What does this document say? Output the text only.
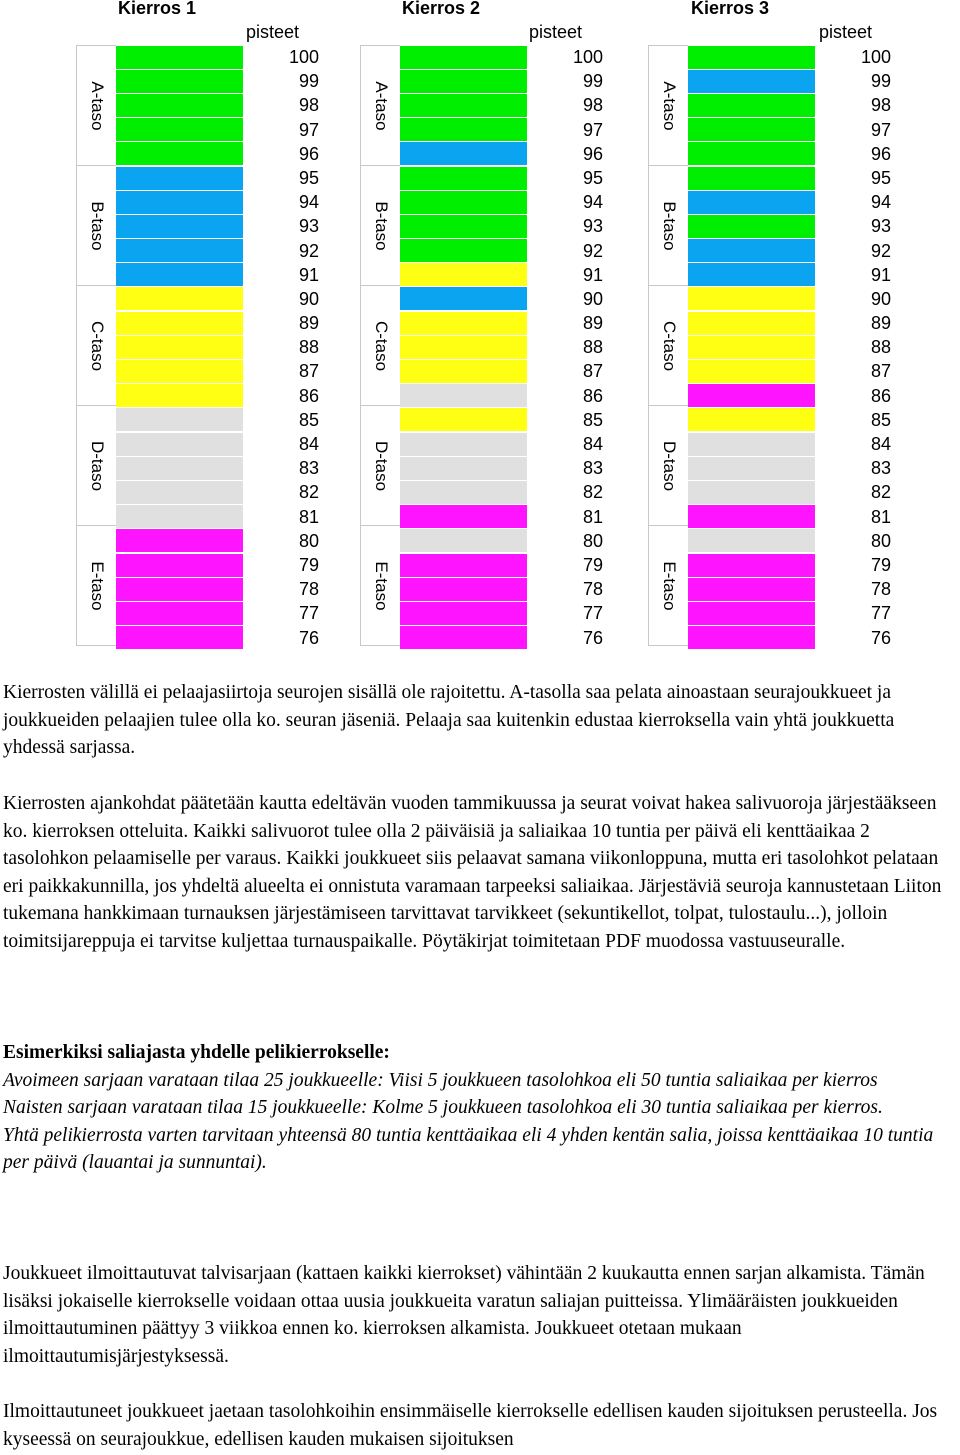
Kierros 1
pisteet
A-taso
B-taso
C-taso
D-taso
E-taso
100
99
98
97
96
95
94
93
92
91
90
89
88
87
86
85
84
83
82
81
80
79
78
77
76
Kierros 2
pisteet
A-taso
B-taso
C-taso
D-taso
E-taso
100
99
98
97
96
95
94
93
92
91
90
89
88
87
86
85
84
83
82
81
80
79
78
77
76
Kierros 3
pisteet
A-taso
B-taso
C-taso
D-taso
E-taso
100
99
98
97
96
95
94
93
92
91
90
89
88
87
86
85
84
83
82
81
80
79
78
77
76

Kierrosten välillä ei pelaajasiirtoja seurojen sisällä ole rajoitettu. A-tasolla saa pelata ainoastaan seurajoukkueet ja joukkueiden pelaajien tulee olla ko. seuran jäseniä. Pelaaja saa kuitenkin edustaa kierroksella vain yhtä joukkuetta yhdessä sarjassa.

Kierrosten ajankohdat päätetään kautta edeltävän vuoden tammikuussa ja seurat voivat hakea salivuoroja järjestääkseen ko. kierroksen otteluita. Kaikki salivuorot tulee olla 2 päiväisiä ja saliaikaa 10 tuntia per päivä eli kenttäaikaa 2 tasolohkon pelaamiselle per varaus. Kaikki joukkueet siis pelaavat samana viikonloppuna, mutta eri tasolohkot pelataan eri paikkakunnilla, jos yhdeltä alueelta ei onnistuta varamaan tarpeeksi saliaikaa. Järjestäviä seuroja kannustetaan Liiton tukemana hankkimaan turnauksen järjestämiseen tarvittavat tarvikkeet (sekuntikellot, tolpat, tulostaulu...), jolloin toimitsijareppuja ei tarvitse kuljettaa turnauspaikalle. Pöytäkirjat toimitetaan PDF muodossa vastuuseuralle.

Esimerkiksi saliajasta yhdelle pelikierrokselle:

Avoimeen sarjaan varataan tilaa 25 joukkueelle: Viisi 5 joukkueen tasolohkoa eli 50 tuntia saliaikaa per kierros

Naisten sarjaan varataan tilaa 15 joukkueelle: Kolme 5 joukkueen tasolohkoa eli 30 tuntia saliaikaa per kierros.

Yhtä pelikierrosta varten tarvitaan yhteensä 80 tuntia kenttäaikaa eli 4 yhden kentän salia, joissa kenttäaikaa 10 tuntia per päivä (lauantai ja sunnuntai).

Joukkueet ilmoittautuvat talvisarjaan (kattaen kaikki kierrokset) vähintään 2 kuukautta ennen sarjan alkamista. Tämän lisäksi jokaiselle kierrokselle voidaan ottaa uusia joukkueita varatun saliajan puitteissa. Ylimääräisten joukkueiden ilmoittautuminen päättyy 3 viikkoa ennen ko. kierroksen alkamista. Joukkueet otetaan mukaan ilmoittautumisjärjestyksessä.

Ilmoittautuneet joukkueet jaetaan tasolohkoihin ensimmäiselle kierrokselle edellisen kauden sijoituksen perusteella. Jos kyseessä on seurajoukkue, edellisen kauden mukaisen sijoituksen
